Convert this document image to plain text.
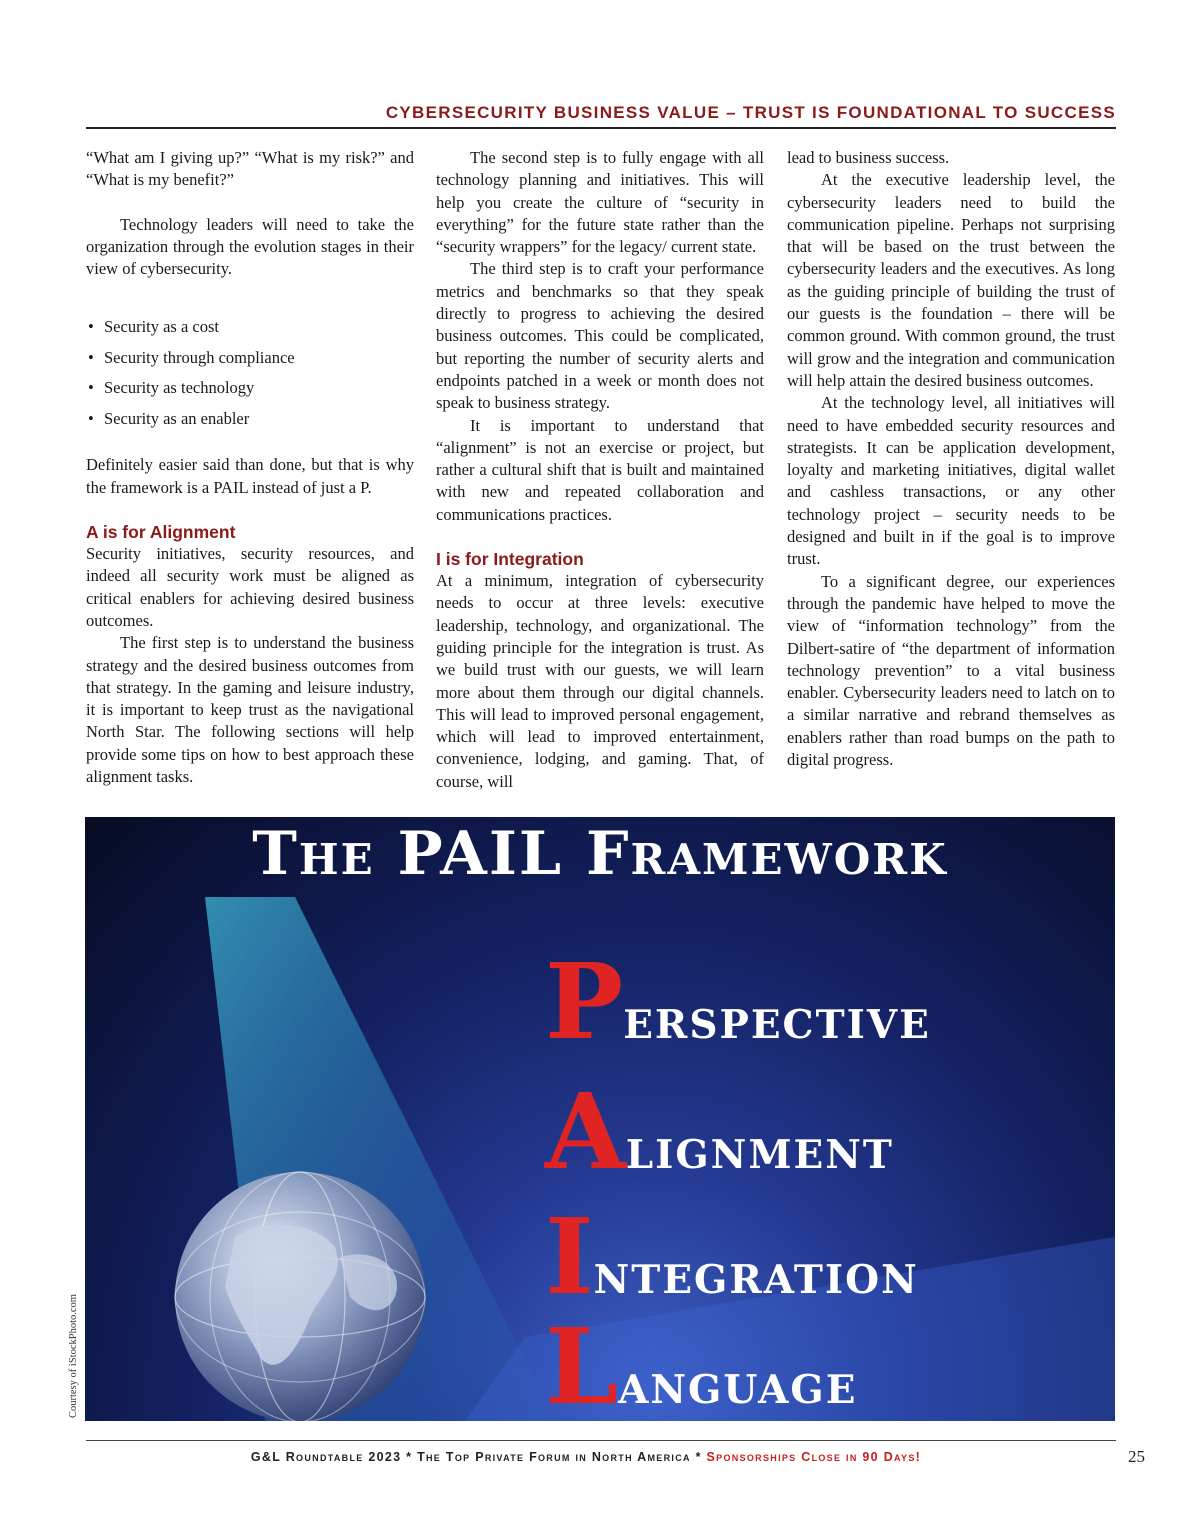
CYBERSECURITY BUSINESS VALUE – TRUST IS FOUNDATIONAL TO SUCCESS

“What am I giving up?” “What is my risk?” and “What is my benefit?”

Technology leaders will need to take the organization through the evolution stages in their view of cybersecurity.

• Security as a cost
• Security through compliance
• Security as technology
• Security as an enabler

Definitely easier said than done, but that is why the framework is a PAIL instead of just a P.

A is for Alignment

Security initiatives, security resources, and indeed all security work must be aligned as critical enablers for achieving desired business outcomes.

The first step is to understand the business strategy and the desired business outcomes from that strategy. In the gaming and leisure industry, it is important to keep trust as the navigational North Star. The following sections will help provide some tips on how to best approach these alignment tasks.

The second step is to fully engage with all technology planning and initiatives. This will help you create the culture of “security in everything” for the future state rather than the “security wrappers” for the legacy/ current state.

The third step is to craft your performance metrics and benchmarks so that they speak directly to progress to achieving the desired business outcomes. This could be complicated, but reporting the number of security alerts and endpoints patched in a week or month does not speak to business strategy.

It is important to understand that “alignment” is not an exercise or project, but rather a cultural shift that is built and maintained with new and repeated collaboration and communications practices.

I is for Integration

At a minimum, integration of cybersecurity needs to occur at three levels: executive leadership, technology, and organizational. The guiding principle for the integration is trust. As we build trust with our guests, we will learn more about them through our digital channels. This will lead to improved personal engagement, which will lead to improved entertainment, convenience, lodging, and gaming. That, of course, will

lead to business success.

At the executive leadership level, the cybersecurity leaders need to build the communication pipeline. Perhaps not surprising that will be based on the trust between the cybersecurity leaders and the executives. As long as the guiding principle of building the trust of our guests is the foundation – there will be common ground. With common ground, the trust will grow and the integration and communication will help attain the desired business outcomes.

At the technology level, all initiatives will need to have embedded security resources and strategists. It can be application development, loyalty and marketing initiatives, digital wallet and cashless transactions, or any other technology project – security needs to be designed and built in if the goal is to improve trust.

To a significant degree, our experiences through the pandemic have helped to move the view of “information technology” from the Dilbert-satire of “the department of information technology prevention” to a vital business enabler. Cybersecurity leaders need to latch on to a similar narrative and rebrand themselves as enablers rather than road bumps on the path to digital progress.

The PAIL Framework
Perspective
Alignment
Integration
Language
Courtesy of iStockPhoto.com
G&L Roundtable 2023 * The Top Private Forum in North America * Sponsorships Close in 90 Days!	25
